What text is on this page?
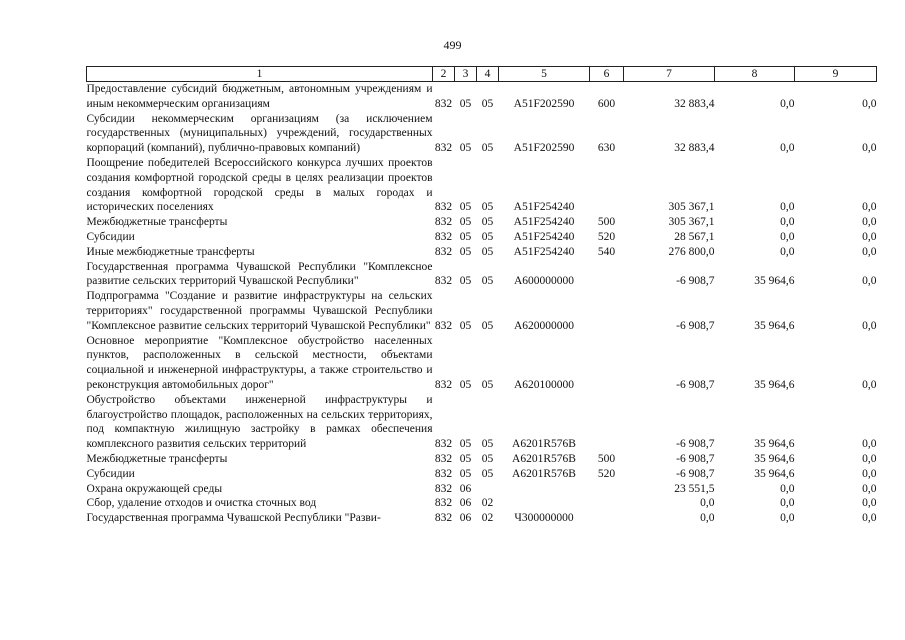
499
1	2	3	4	5	6	7	8	9
Предоставление субсидий бюджетным, автономным учреждениям и иным некоммерческим организациям	832	05	05	А51F202590	600	32 883,4	0,0	0,0
Субсидии некоммерческим организациям (за исключением государственных (муниципальных) учреждений, государственных корпораций (компаний), публично-правовых компаний)	832	05	05	А51F202590	630	32 883,4	0,0	0,0
Поощрение победителей Всероссийского конкурса лучших проектов создания комфортной городской среды в целях реализации проектов создания комфортной городской среды в малых городах и исторических поселениях	832	05	05	А51F254240		305 367,1	0,0	0,0
Межбюджетные трансферты	832	05	05	А51F254240	500	305 367,1	0,0	0,0
Субсидии	832	05	05	А51F254240	520	28 567,1	0,0	0,0
Иные межбюджетные трансферты	832	05	05	А51F254240	540	276 800,0	0,0	0,0
Государственная программа Чувашской Республики "Комплексное развитие сельских территорий Чувашской Республики"	832	05	05	А600000000		-6 908,7	35 964,6	0,0
Подпрограмма "Создание и развитие инфраструктуры на сельских территориях" государственной программы Чувашской Республики "Комплексное развитие сельских территорий Чувашской Республики"	832	05	05	А620000000		-6 908,7	35 964,6	0,0
Основное мероприятие "Комплексное обустройство населенных пунктов, расположенных в сельской местности, объектами социальной и инженерной инфраструктуры, а также строительство и реконструкция автомобильных дорог"	832	05	05	А620100000		-6 908,7	35 964,6	0,0
Обустройство объектами инженерной инфраструктуры и благоустройство площадок, расположенных на сельских территориях, под компактную жилищную застройку в рамках обеспечения комплексного развития сельских территорий	832	05	05	А6201R576В		-6 908,7	35 964,6	0,0
Межбюджетные трансферты	832	05	05	А6201R576В	500	-6 908,7	35 964,6	0,0
Субсидии	832	05	05	А6201R576В	520	-6 908,7	35 964,6	0,0
Охрана окружающей среды	832	06				23 551,5	0,0	0,0
Сбор, удаление отходов и очистка сточных вод	832	06	02			0,0	0,0	0,0
Государственная программа Чувашской Республики "Разви-	832	06	02	Ч300000000		0,0	0,0	0,0
